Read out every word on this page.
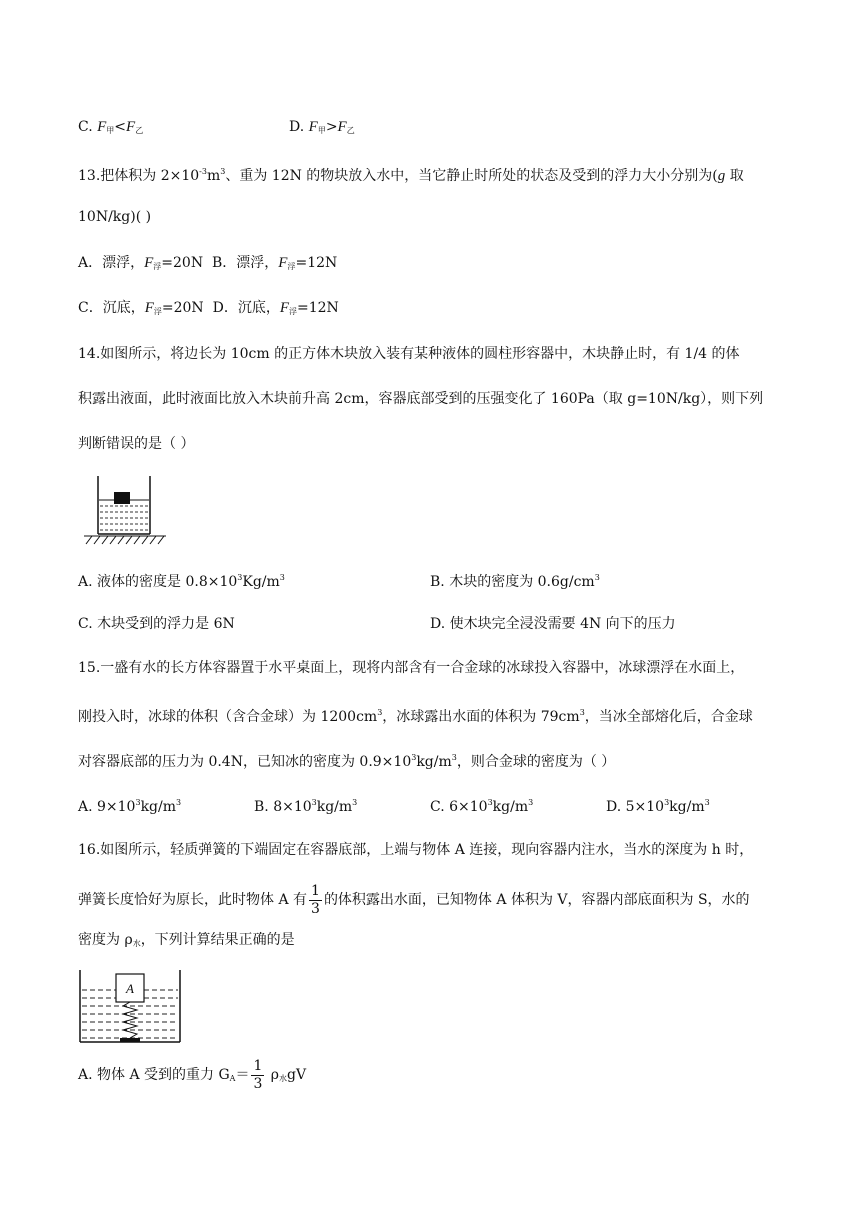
C. $F_甲<F_乙$	D. $F_甲>F_乙$
13.把体积为 $2\times 10^{-3}m^3$、重为 12N 的物块放入水中，当它静止时所处的状态及受到的浮力大小分别为(g 取
10N/kg)( )
A．漂浮，$F_浮=20N$ B．漂浮，$F_浮=12N$
C．沉底，$F_浮=20N$ D．沉底，$F_浮=12N$
14.如图所示，将边长为 10cm 的正方体木块放入装有某种液体的圆柱形容器中，木块静止时，有 1/4 的体
积露出液面，此时液面比放入木块前升高 2cm，容器底部受到的压强变化了 160Pa（取 g=10N/kg），则下列
判断错误的是（ ）
A. 液体的密度是 $0.8\times 10^3Kg/m^3$	B. 木块的密度为 $0.6g/cm^3$
C. 木块受到的浮力是 6N	D. 使木块完全浸没需要 4N 向下的压力
15.一盛有水的长方体容器置于水平桌面上，现将内部含有一合金球的冰球投入容器中，冰球漂浮在水面上，
刚投入时，冰球的体积（含合金球）为 $1200cm^3$，冰球露出水面的体积为 $79cm^3$，当冰全部熔化后，合金球
对容器底部的压力为 0.4N，已知冰的密度为 $0.9\times 10^3kg/m^3$，则合金球的密度为（ ）
A. $9\times 10^3kg/m^3$	B. $8\times 10^3kg/m^3$	C. $6\times 10^3kg/m^3$	D. $5\times 10^3kg/m^3$
16.如图所示，轻质弹簧的下端固定在容器底部，上端与物体 A 连接，现向容器内注水，当水的深度为 h 时，
弹簧长度恰好为原长，此时物体 A 有 $\frac{1}{3}$ 的体积露出水面，已知物体 A 体积为 V，容器内部底面积为 S，水的
密度为 $\rho_水$，下列计算结果正确的是
A
A. 物体 A 受到的重力 $G_A= \frac{1}{3} \rho_水gV$
